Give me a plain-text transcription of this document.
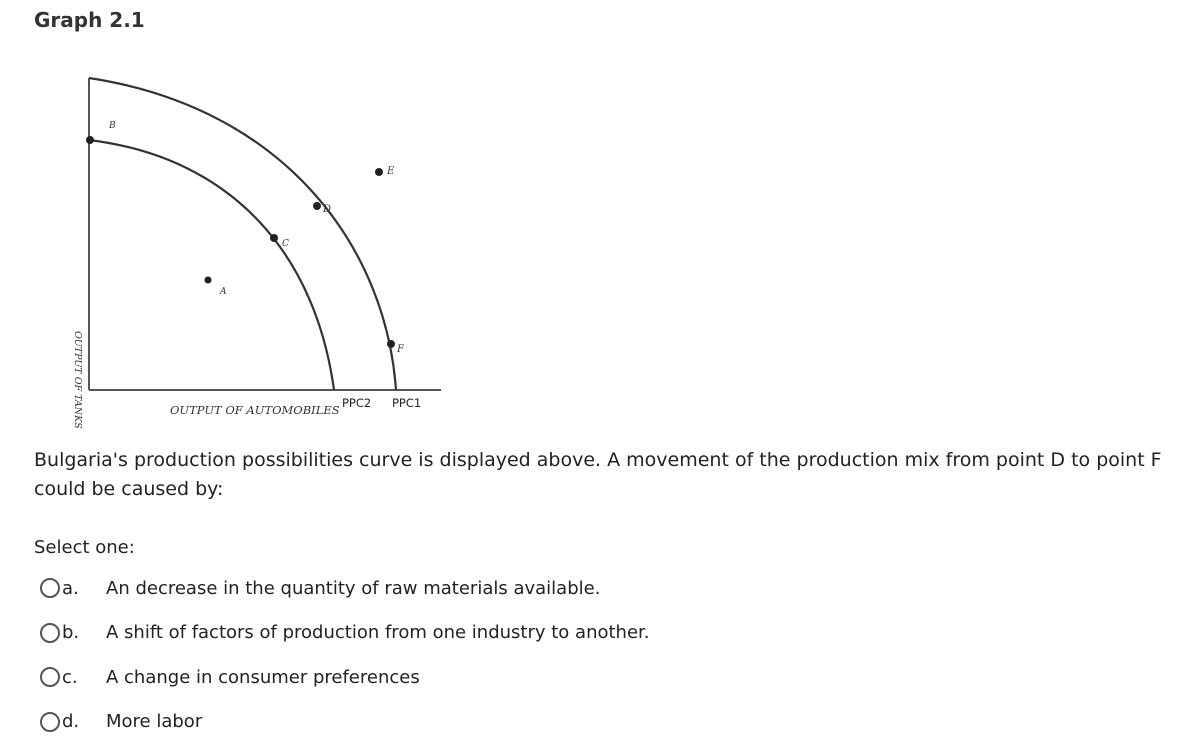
Graph 2.1
B
D
E
C
A
F
OUTPUT OF TANKS	OUTPUT OF AUTOMOBILES PPC2 PPC1
Bulgaria's production possibilities curve is displayed above. A movement of the production mix from point D to point F could be caused by:
Select one:
a.	An decrease in the quantity of raw materials available.
b.	A shift of factors of production from one industry to another.
c.	A change in consumer preferences
d.	More labor
